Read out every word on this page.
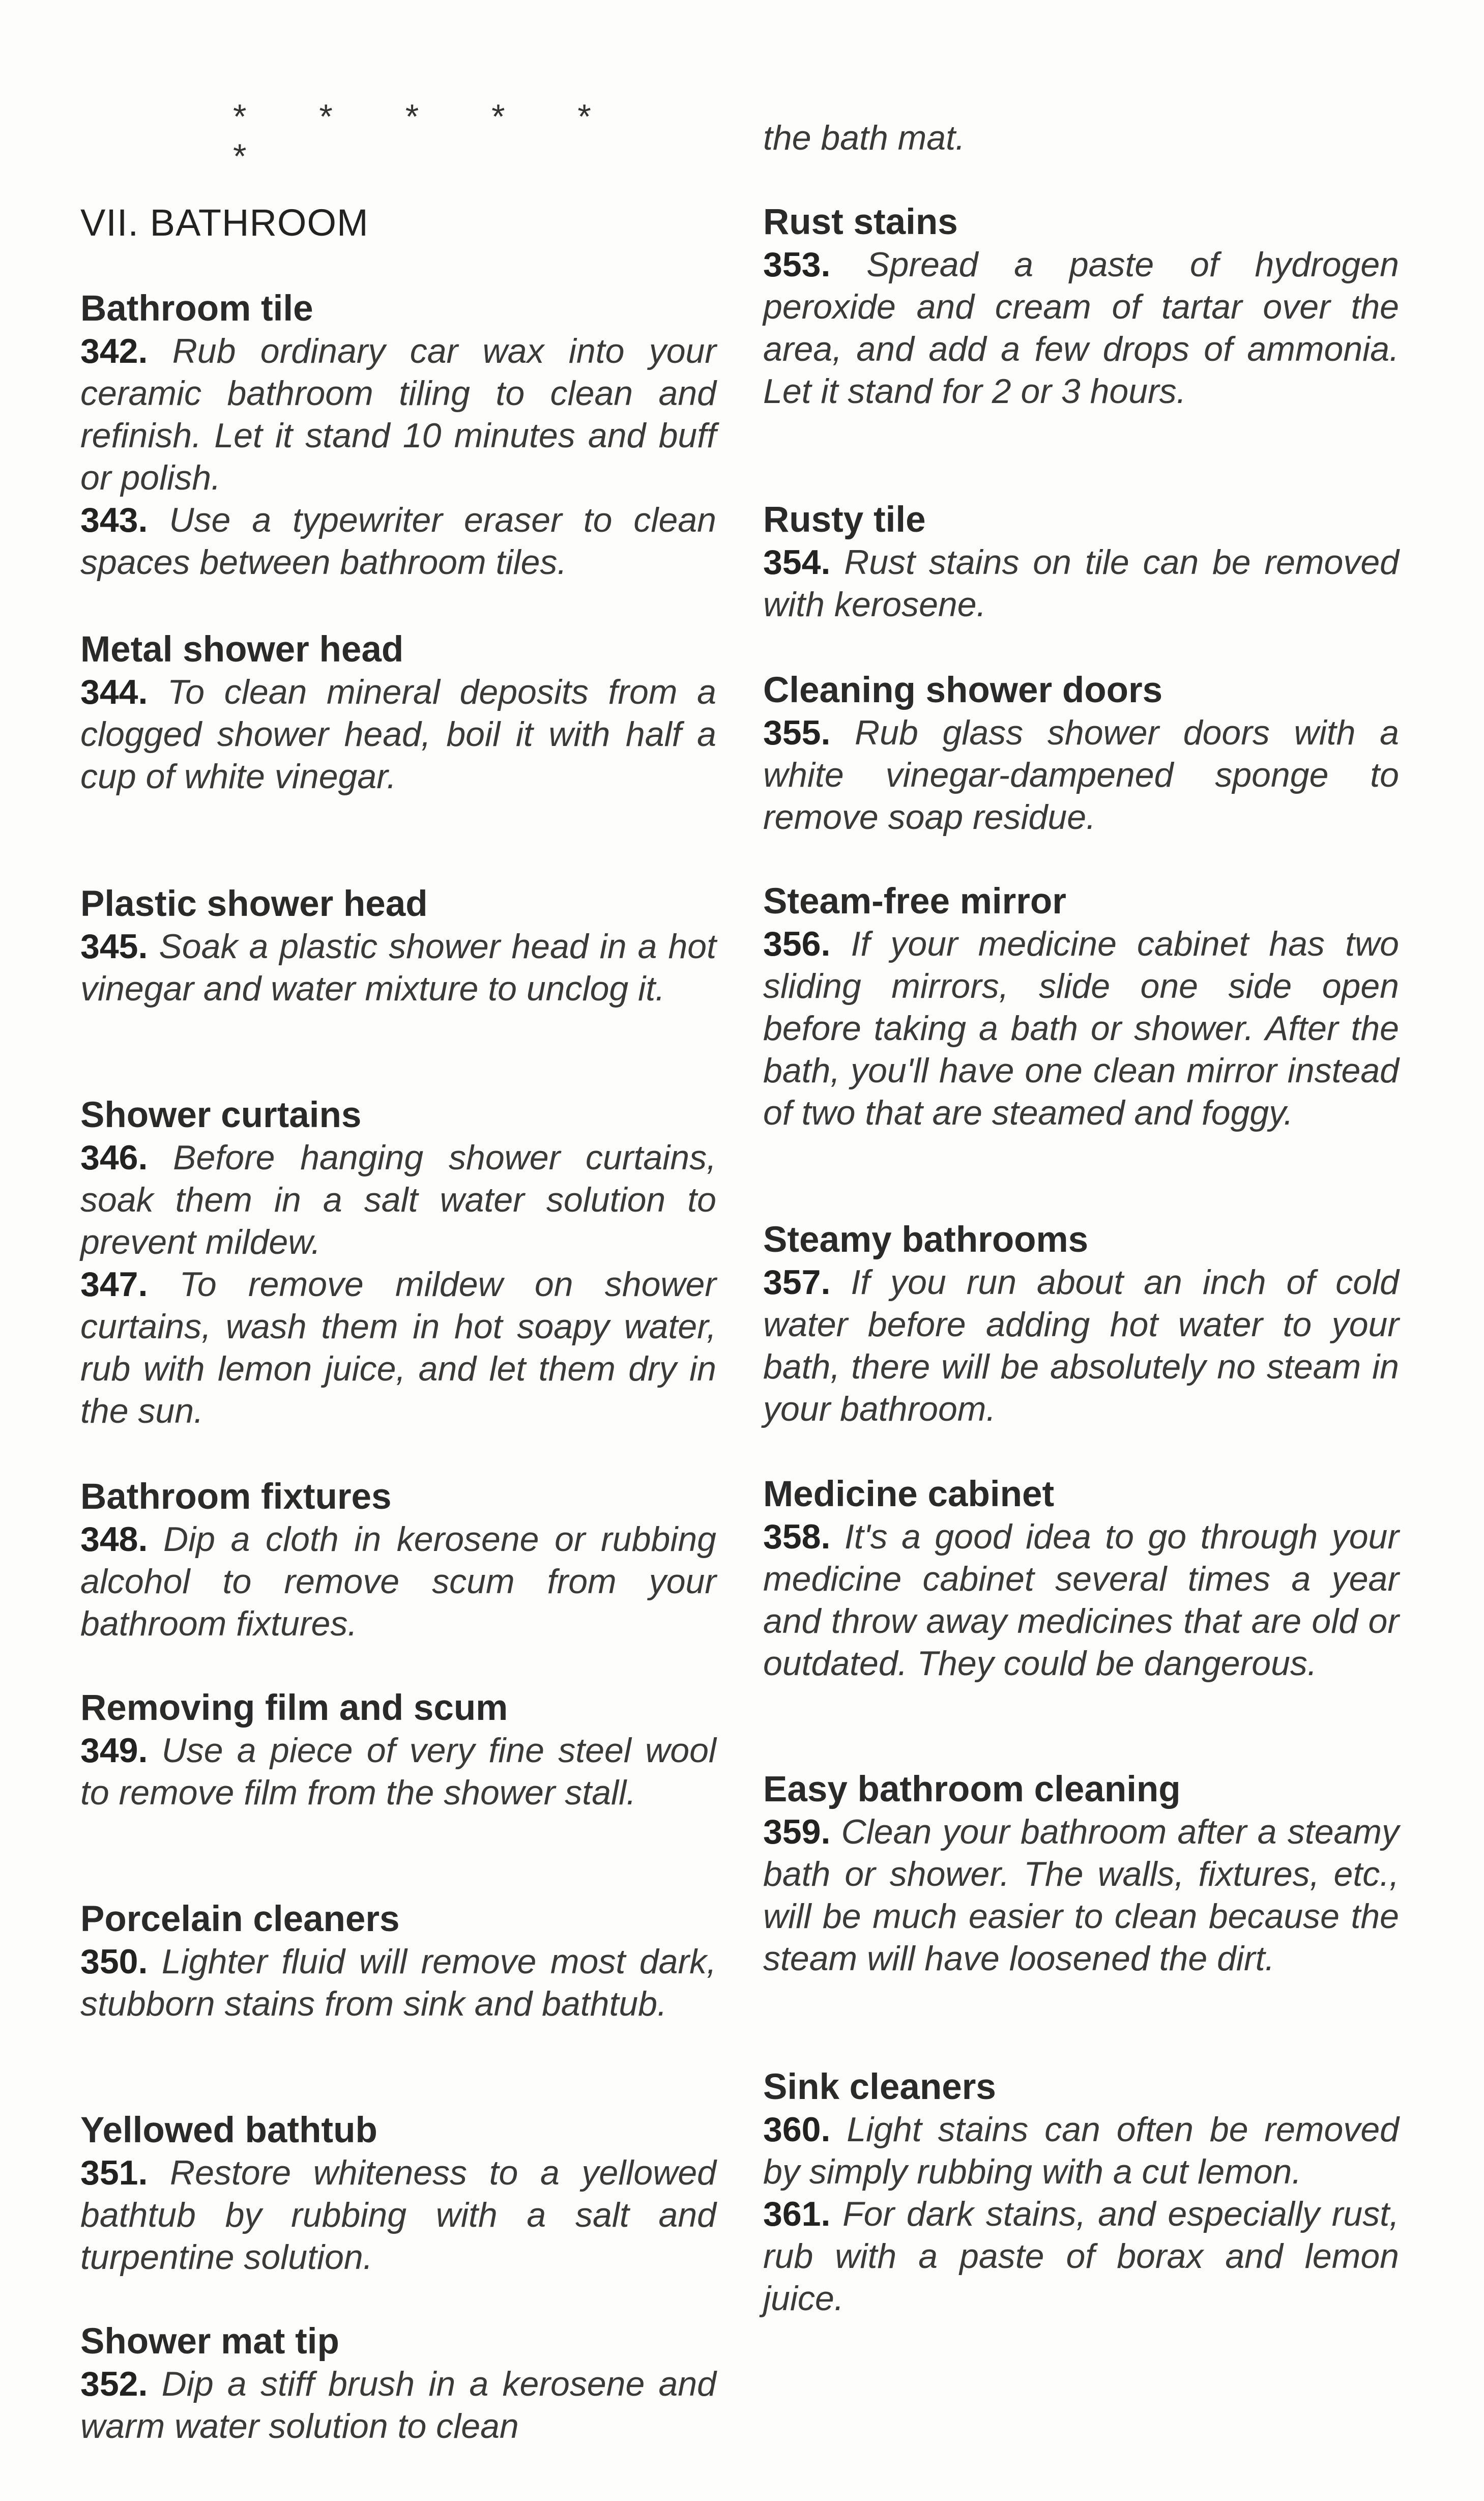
* * * * * *
VII. BATHROOM
Bathroom tile
342. Rub ordinary car wax into your ceramic bathroom tiling to clean and refinish. Let it stand 10 minutes and buff or polish.
343. Use a typewriter eraser to clean spaces between bathroom tiles.
Metal shower head
344. To clean mineral deposits from a clogged shower head, boil it with half a cup of white vinegar.
Plastic shower head
345. Soak a plastic shower head in a hot vinegar and water mixture to unclog it.
Shower curtains
346. Before hanging shower curtains, soak them in a salt water solution to prevent mildew.
347. To remove mildew on shower curtains, wash them in hot soapy water, rub with lemon juice, and let them dry in the sun.
Bathroom fixtures
348. Dip a cloth in kerosene or rubbing alcohol to remove scum from your bathroom fixtures.
Removing film and scum
349. Use a piece of very fine steel wool to remove film from the shower stall.
Porcelain cleaners
350. Lighter fluid will remove most dark, stubborn stains from sink and bathtub.
Yellowed bathtub
351. Restore whiteness to a yellowed bathtub by rubbing with a salt and turpentine solution.
Shower mat tip
352. Dip a stiff brush in a kerosene and warm water solution to clean
the bath mat.
Rust stains
353. Spread a paste of hydrogen peroxide and cream of tartar over the area, and add a few drops of ammonia. Let it stand for 2 or 3 hours.
Rusty tile
354. Rust stains on tile can be removed with kerosene.
Cleaning shower doors
355. Rub glass shower doors with a white vinegar-dampened sponge to remove soap residue.
Steam-free mirror
356. If your medicine cabinet has two sliding mirrors, slide one side open before taking a bath or shower. After the bath, you'll have one clean mirror instead of two that are steamed and foggy.
Steamy bathrooms
357. If you run about an inch of cold water before adding hot water to your bath, there will be absolutely no steam in your bathroom.
Medicine cabinet
358. It's a good idea to go through your medicine cabinet several times a year and throw away medicines that are old or outdated. They could be dangerous.
Easy bathroom cleaning
359. Clean your bathroom after a steamy bath or shower. The walls, fixtures, etc., will be much easier to clean because the steam will have loosened the dirt.
Sink cleaners
360. Light stains can often be removed by simply rubbing with a cut lemon.
361. For dark stains, and especially rust, rub with a paste of borax and lemon juice.
